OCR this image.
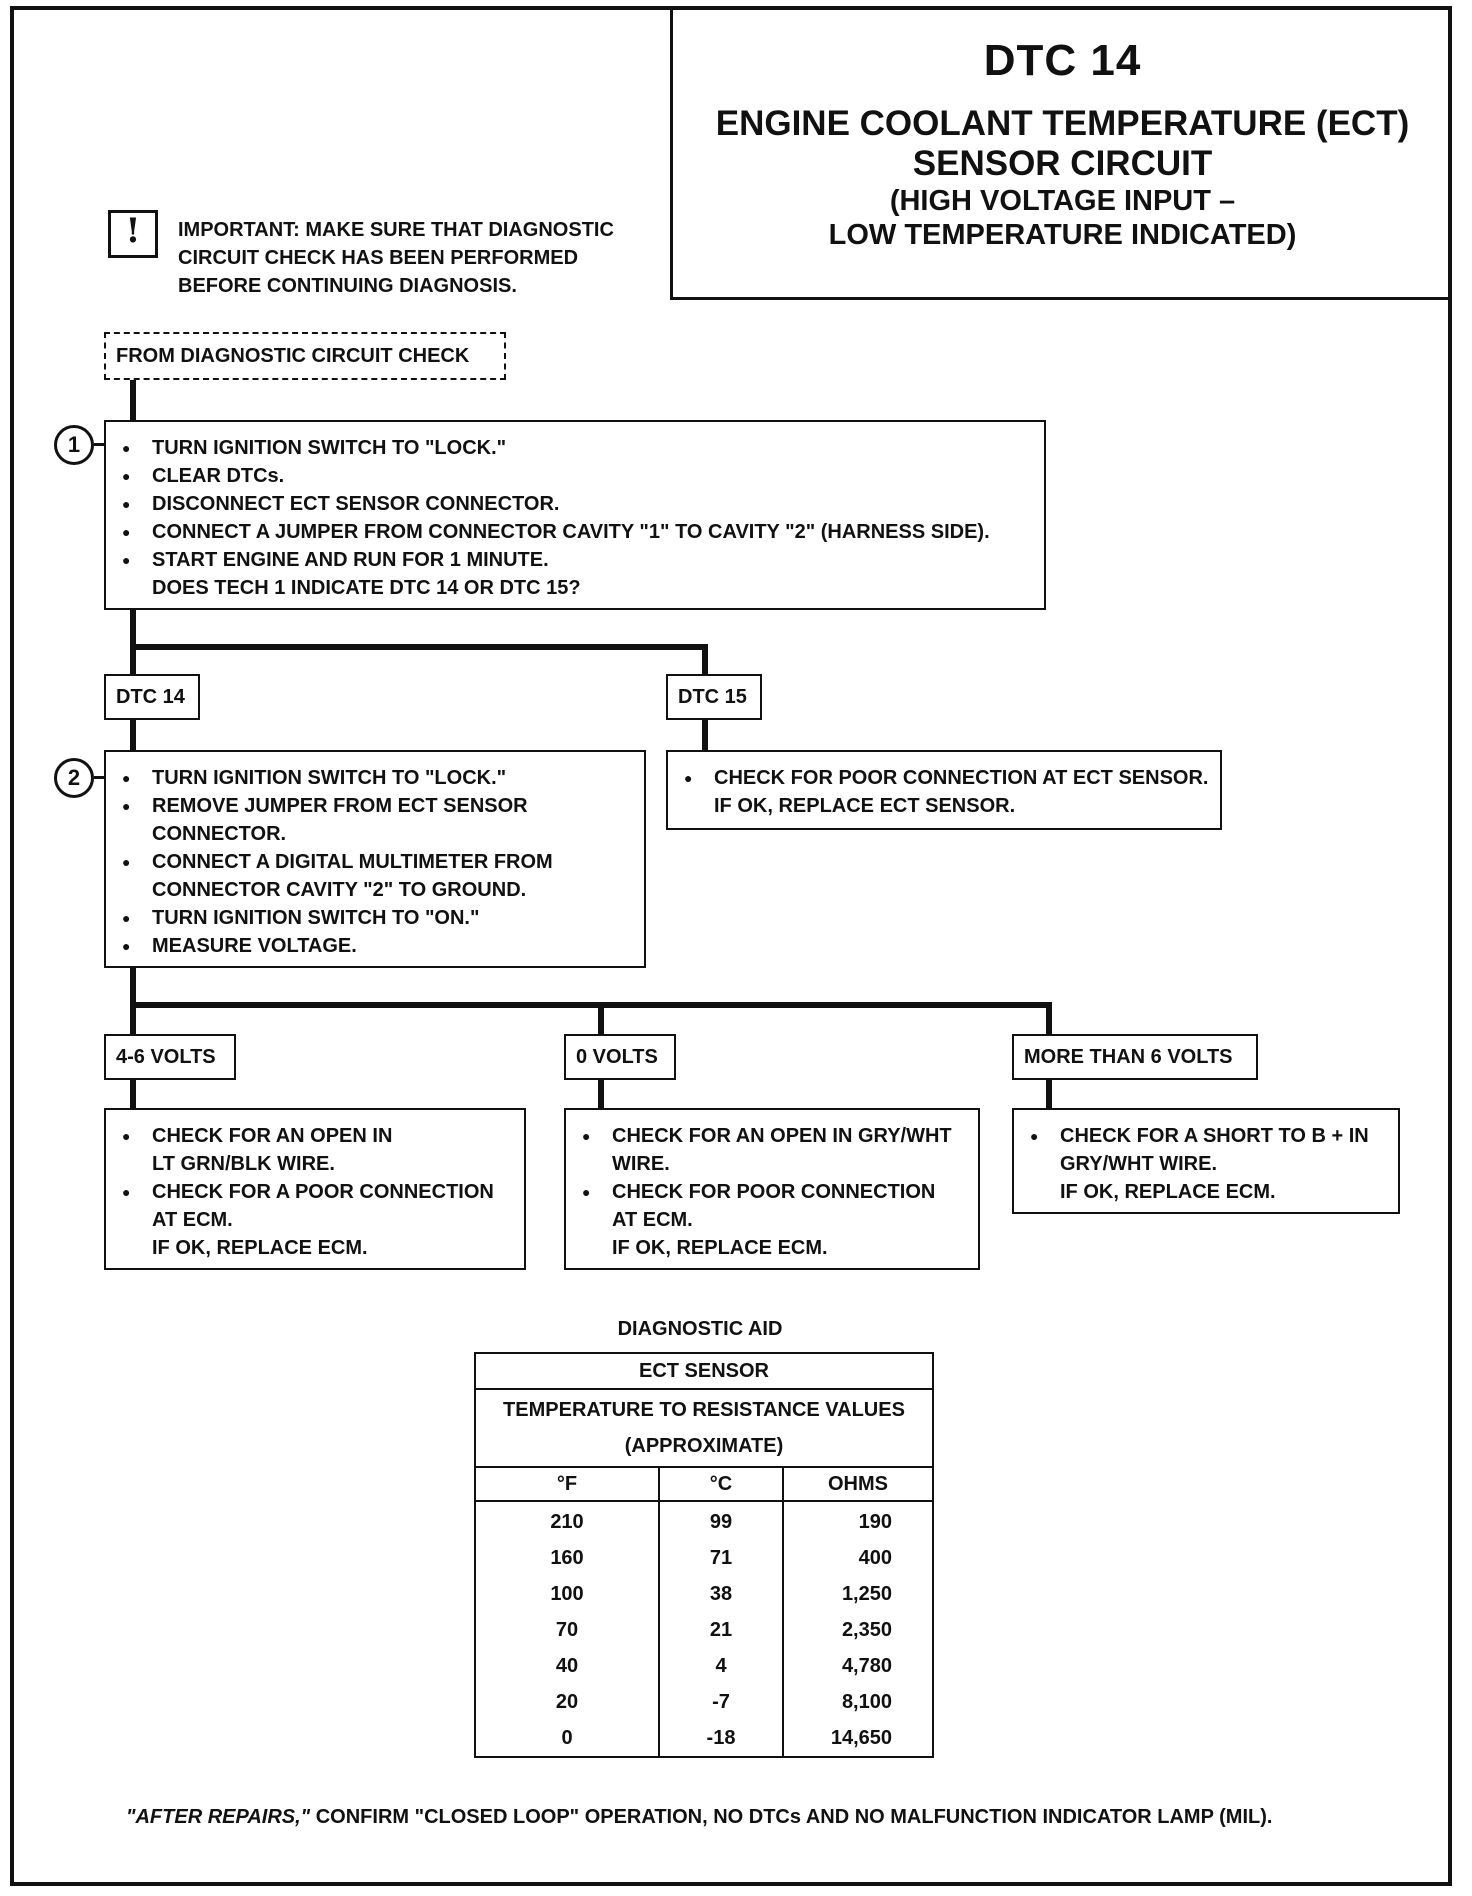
DTC 14
ENGINE COOLANT TEMPERATURE (ECT)
SENSOR CIRCUIT
(HIGH VOLTAGE INPUT –
LOW TEMPERATURE INDICATED)
!	IMPORTANT: MAKE SURE THAT DIAGNOSTIC
CIRCUIT CHECK HAS BEEN PERFORMED
BEFORE CONTINUING DIAGNOSIS.
FROM DIAGNOSTIC CIRCUIT CHECK
1	● TURN IGNITION SWITCH TO "LOCK."
● CLEAR DTCs.
● DISCONNECT ECT SENSOR CONNECTOR.
● CONNECT A JUMPER FROM CONNECTOR CAVITY "1" TO CAVITY "2" (HARNESS SIDE).
● START ENGINE AND RUN FOR 1 MINUTE.
DOES TECH 1 INDICATE DTC 14 OR DTC 15?
DTC 14	DTC 15
● CHECK FOR POOR CONNECTION AT ECT SENSOR.
IF OK, REPLACE ECT SENSOR.
2	● TURN IGNITION SWITCH TO "LOCK."
● REMOVE JUMPER FROM ECT SENSOR
CONNECTOR.
● CONNECT A DIGITAL MULTIMETER FROM
CONNECTOR CAVITY "2" TO GROUND.
● TURN IGNITION SWITCH TO "ON."
● MEASURE VOLTAGE.
4-6 VOLTS	0 VOLTS	MORE THAN 6 VOLTS
● CHECK FOR AN OPEN IN
LT GRN/BLK WIRE.
● CHECK FOR A POOR CONNECTION
AT ECM.
IF OK, REPLACE ECM.
● CHECK FOR AN OPEN IN GRY/WHT
WIRE.
● CHECK FOR POOR CONNECTION
AT ECM.
IF OK, REPLACE ECM.
● CHECK FOR A SHORT TO B + IN
GRY/WHT WIRE.
IF OK, REPLACE ECM.
DIAGNOSTIC AID
ECT SENSOR		

TEMPERATURE TO RESISTANCE VALUES
(APPROXIMATE)		

°F	°C	OHMS
210	99	190
160	71	400
100	38	1,250
70	21	2,350
40	4	4,780
20	-7	8,100
0	-18	14,650
"AFTER REPAIRS," CONFIRM "CLOSED LOOP" OPERATION, NO DTCs AND NO MALFUNCTION INDICATOR LAMP (MIL).
